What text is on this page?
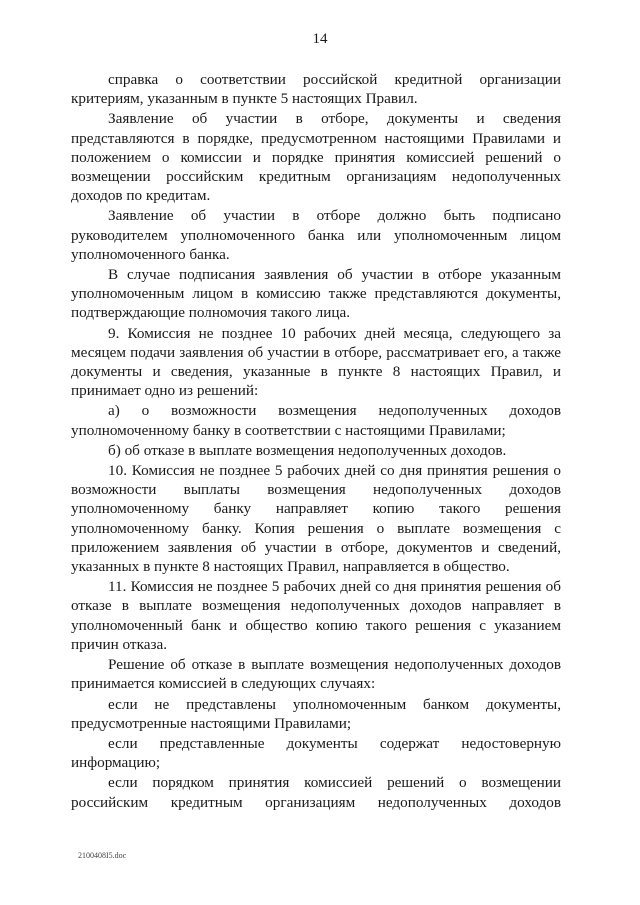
14

справка о соответствии российской кредитной организации критериям, указанным в пункте 5 настоящих Правил.

Заявление об участии в отборе, документы и сведения представляются в порядке, предусмотренном настоящими Правилами и положением о комиссии и порядке принятия комиссией решений о возмещении российским кредитным организациям недополученных доходов по кредитам.

Заявление об участии в отборе должно быть подписано руководителем уполномоченного банка или уполномоченным лицом уполномоченного банка.

В случае подписания заявления об участии в отборе указанным уполномоченным лицом в комиссию также представляются документы, подтверждающие полномочия такого лица.

9. Комиссия не позднее 10 рабочих дней месяца, следующего за месяцем подачи заявления об участии в отборе, рассматривает его, а также документы и сведения, указанные в пункте 8 настоящих Правил, и принимает одно из решений:

а) о возможности возмещения недополученных доходов уполномоченному банку в соответствии с настоящими Правилами;

б) об отказе в выплате возмещения недополученных доходов.

10. Комиссия не позднее 5 рабочих дней со дня принятия решения о возможности выплаты возмещения недополученных доходов уполномоченному банку направляет копию такого решения уполномоченному банку. Копия решения о выплате возмещения с приложением заявления об участии в отборе, документов и сведений, указанных в пункте 8 настоящих Правил, направляется в общество.

11. Комиссия не позднее 5 рабочих дней со дня принятия решения об отказе в выплате возмещения недополученных доходов направляет в уполномоченный банк и общество копию такого решения с указанием причин отказа.

Решение об отказе в выплате возмещения недополученных доходов принимается комиссией в следующих случаях:

если не представлены уполномоченным банком документы, предусмотренные настоящими Правилами;

если представленные документы содержат недостоверную информацию;

если порядком принятия комиссией решений о возмещении российским кредитным организациям недополученных доходов

2100408I5.doc
